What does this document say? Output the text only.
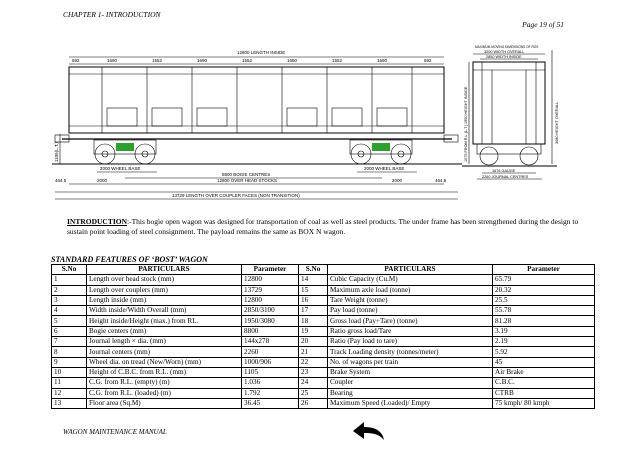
CHAPTER 1- INTRODUCTION
Page 19 of 51
12800 LENGTH INSIDE
692	1690	1552	1690	1552	1690	1552	1690	692
2000 WHEEL BASE	2000 WHEEL BASE
8800 BOGIE CENTRES
12800 OVER HEAD STOCKS
464.5	2000	2000	464.5
13729 LENGTH OVER COUPLER FACES (NON TRANSITION)
1105(L.T.)
MAXIMUM MOVING DIMENSIONS OF ROS
3200 WIDTH OVERALL
2850 WIDTH INSIDE
1676 GAUGE
2260 JOURNAL CENTRES
3080 HEIGHT OVERALL
1950 HEIGHT INSIDE
1075 FROM R.L.(L.T.)
INTRODUCTION:-This bogie open wagon was designed for transportation of coal as well as steel products. The under frame has been strengthened during the design to sustain point loading of steel consignment. The payload remains the same as BOX N wagon.
STANDARD FEATURES OF ‘BOST’ WAGON
S.No	PARTICULARS	Parameter	S.No	PARTICULARS	Parameter
1	Length over head stock (mm)	12800	14	Cubic Capacity (Cu.M)	65.79
2	Length over couplers (mm)	13729	15	Maximum axle load (tonne)	20.32
3	Length inside (mm)	12800	16	Tare Weight (tonne)	25.5
4	Width inside/Width Overall (mm)	2850/3100	17	Pay load (tonne)	55.78
5	Height inside/Height (max.) from RL.	1950/3080	18	Gross load (Pay+Tare) (tonne)	81.28
6	Bogie centers (mm)	8800	19	Ratio gross load/Tare	3.19
7	Journal length × dia. (mm)	144x278	20	Ratio (Pay load to tare)	2.19
8	Journal centers (mm)	2260	21	Track Loading density (tonnes/meter)	5.92
9	Wheel dia. on tread (New/Worn) (mm)	1000/906	22	No. of wagons per train	45
10	Height of C.B.C. from R.L. (mm)	1105	23	Brake System	Air Brake
11	C.G. from R.L. (empty) (m)	1.036	24	Coupler	C.B.C.
12	C.G. from R.L. (loaded) (m)	1.792	25	Bearing	CTRB
13	Floor area (Sq.M)	36.45	26	Maximum Speed (Loaded)/ Empty	75 kmph/ 80 kmph
WAGON MAINTENANCE MANUAL
